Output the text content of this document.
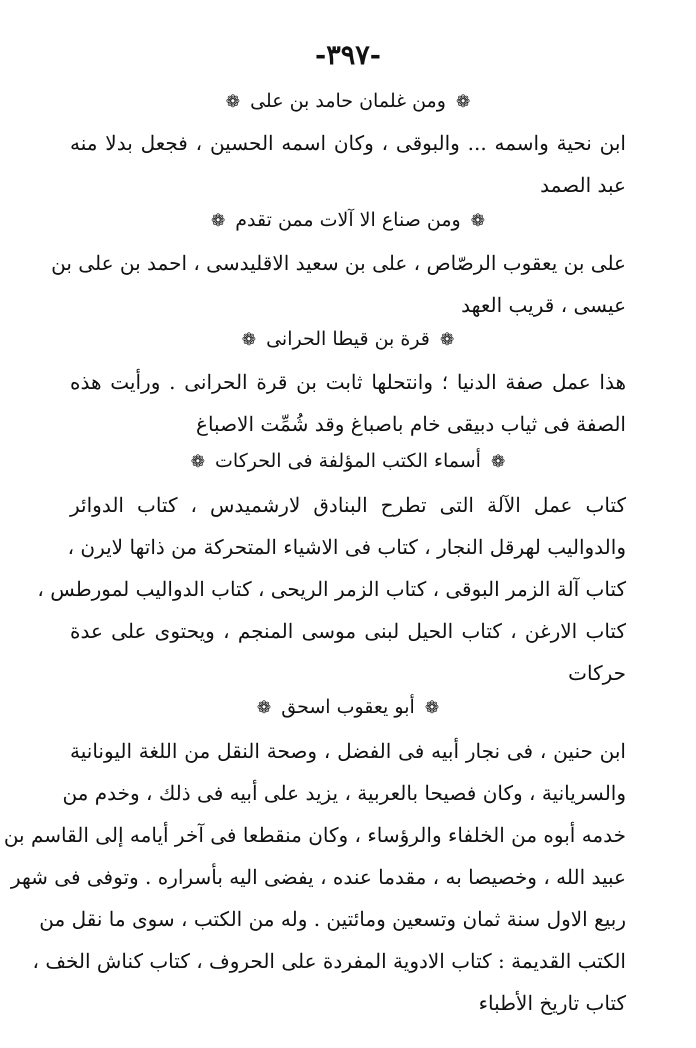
-٣٩٧-
❁ ومن غلمان حامد بن على ❁
ابن نحية واسمه ... والبوقى ، وكان اسمه الحسين ، فجعل بدلا منه
عبد الصمد
❁ ومن صناع الا آلات ممن تقدم ❁
على بن يعقوب الرصّاص ، على بن سعيد الاقليدسى ، احمد بن على بن
عيسى ، قريب العهد
❁ قرة بن قيطا الحرانى ❁
هذا عمل صفة الدنيا ؛ وانتحلها ثابت بن قرة الحرانى . ورأيت هذه
الصفة فى ثياب دبيقى خام باصباغ وقد شُمِّت الاصباغ
❁ أسماء الكتب المؤلفة فى الحركات ❁
كتاب عمل الآلة التى تطرح البنادق لارشميدس ، كتاب الدوائر
والدواليب لهرقل النجار ، كتاب فى الاشياء المتحركة من ذاتها لايرن ،
كتاب آلة الزمر البوقى ، كتاب الزمر الريحى ، كتاب الدواليب لمورطس ،
كتاب الارغن ، كتاب الحيل لبنى موسى المنجم ، ويحتوى على عدة
حركات
❁ أبو يعقوب اسحق ❁
ابن حنين ، فى نجار أبيه فى الفضل ، وصحة النقل من اللغة اليونانية
والسريانية ، وكان فصيحا بالعربية ، يزيد على أبيه فى ذلك ، وخدم من
خدمه أبوه من الخلفاء والرؤساء ، وكان منقطعا فى آخر أيامه إلى القاسم بن
عبيد الله ، وخصيصا به ، مقدما عنده ، يفضى اليه بأسراره . وتوفى فى شهر
ربيع الاول سنة ثمان وتسعين ومائتين . وله من الكتب ، سوى ما نقل من
الكتب القديمة : كتاب الادوية المفردة على الحروف ، كتاب كناش الخف ،
كتاب تاريخ الأطباء
